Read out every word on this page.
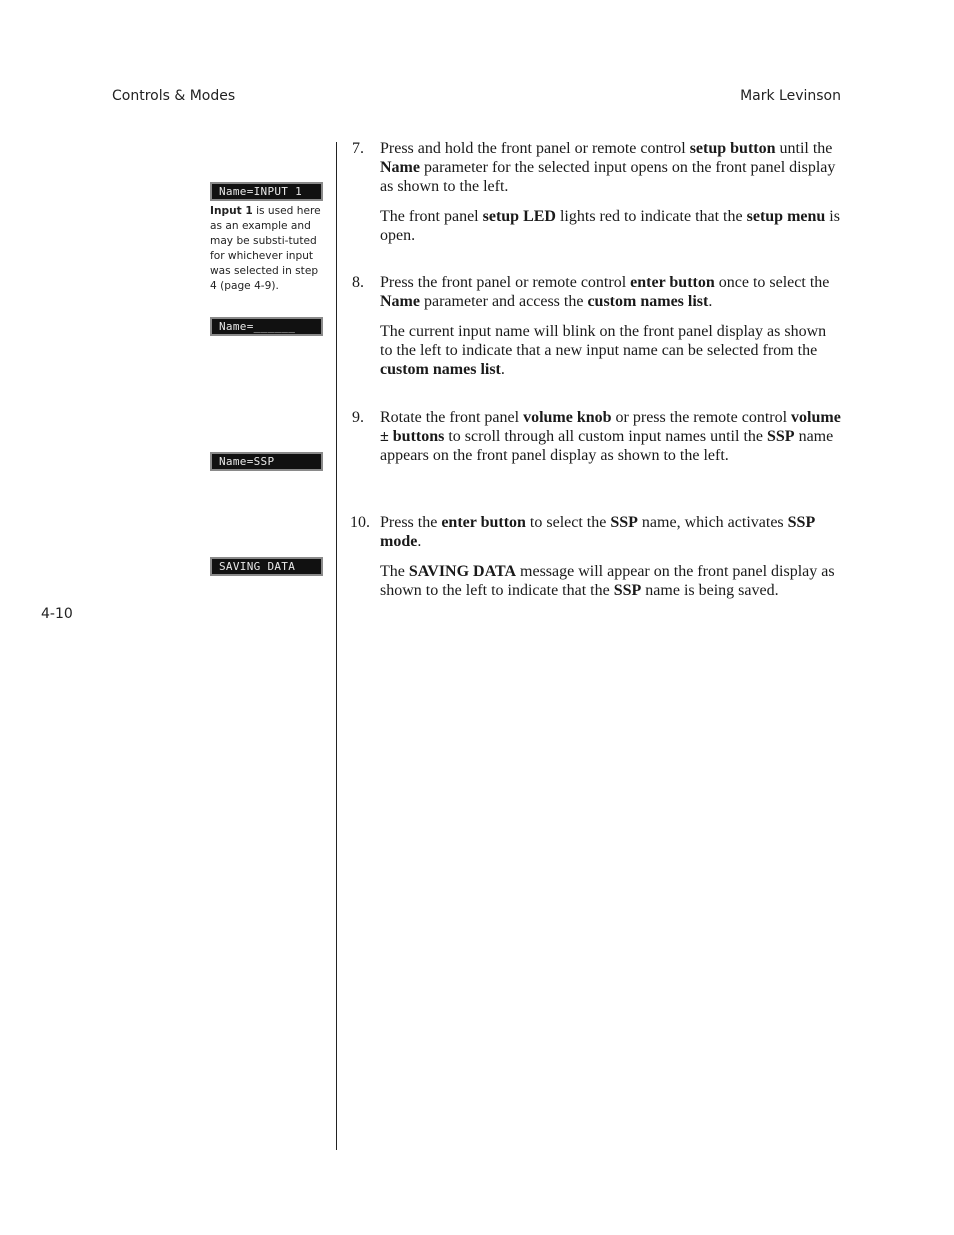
Controls & Modes	Mark Levinson
Name=INPUT 1
Input 1 is used here as an example and may be substi-tuted for whichever input was selected in step 4 (page 4-9).
Name=______
Name=SSP
SAVING DATA
4-10
7. Press and hold the front panel or remote control setup button until the Name parameter for the selected input opens on the front panel display as shown to the left.

The front panel setup LED lights red to indicate that the setup menu is open.

8. Press the front panel or remote control enter button once to select the Name parameter and access the custom names list.

The current input name will blink on the front panel display as shown to the left to indicate that a new input name can be selected from the custom names list.

9. Rotate the front panel volume knob or press the remote control volume ± buttons to scroll through all custom input names until the SSP name appears on the front panel display as shown to the left.

10. Press the enter button to select the SSP name, which activates SSP mode.

The SAVING DATA message will appear on the front panel display as shown to the left to indicate that the SSP name is being saved.
